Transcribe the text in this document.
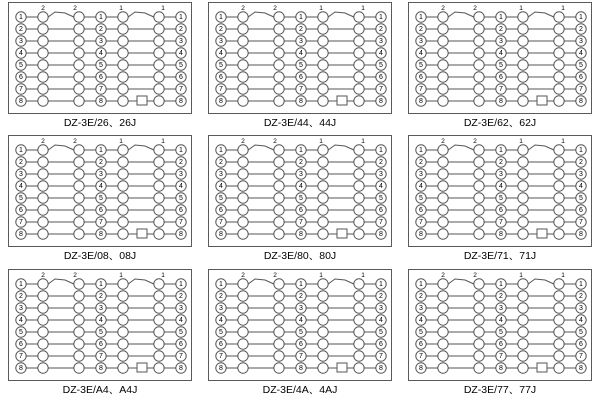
2	2	1	1
1	1	1
2	2	2
3	3	3
4	4	4
5	5	5
6	6	6
7	7	7
8	8	8
DZ-3E/26、26J
2	2	1	1
1	1	1
2	2	2
3	3	3
4	4	4
5	5	5
6	6	6
7	7	7
8	8	8
DZ-3E/44、44J
2	2	1	1
1	1	1
2	2	2
3	3	3
4	4	4
5	5	5
6	6	6
7	7	7
8	8	8
DZ-3E/62、62J
2	2	1	1
1	1	1
2	2	2
3	3	3
4	4	4
5	5	5
6	6	6
7	7	7
8	8	8
DZ-3E/08、08J
2	2	1	1
1	1	1
2	2	2
3	3	3
4	4	4
5	5	5
6	6	6
7	7	7
8	8	8
DZ-3E/80、80J
2	2	1	1
1	1	1
2	2	2
3	3	3
4	4	4
5	5	5
6	6	6
7	7	7
8	8	8
DZ-3E/71、71J
2	2	1	1
1	1	1
2	2	2
3	3	3
4	4	4
5	5	5
6	6	6
7	7	7
8	8	8
DZ-3E/A4、A4J
2	2	1	1
1	1	1
2	2	2
3	3	3
4	4	4
5	5	5
6	6	6
7	7	7
8	8	8
DZ-3E/4A、4AJ
2	2	1	1
1	1	1
2	2	2
3	3	3
4	4	4
5	5	5
6	6	6
7	7	7
8	8	8
DZ-3E/77、77J
